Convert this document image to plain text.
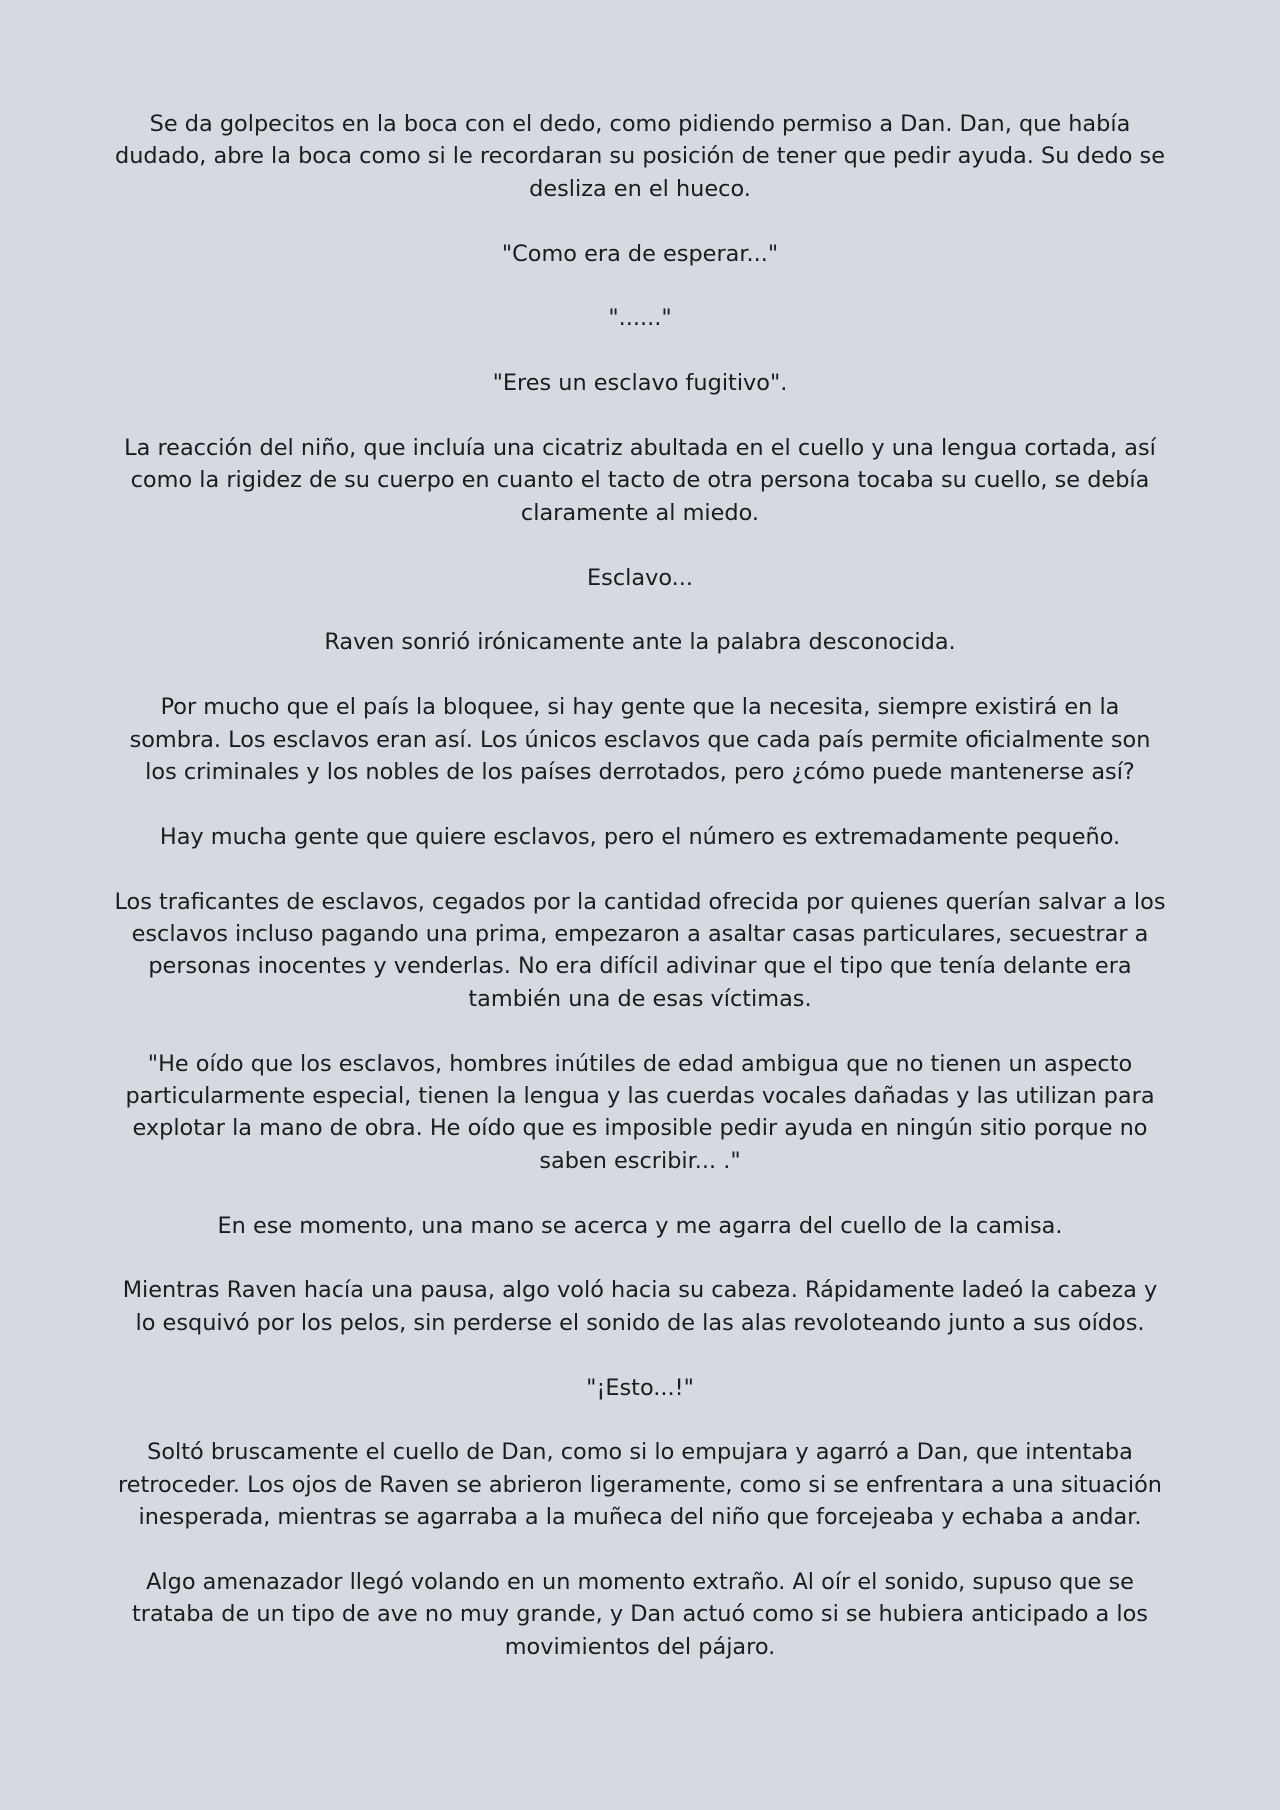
Se da golpecitos en la boca con el dedo, como pidiendo permiso a Dan. Dan, que había dudado, abre la boca como si le recordaran su posición de tener que pedir ayuda. Su dedo se desliza en el hueco.

"Como era de esperar..."

"......"

"Eres un esclavo fugitivo".

La reacción del niño, que incluía una cicatriz abultada en el cuello y una lengua cortada, así como la rigidez de su cuerpo en cuanto el tacto de otra persona tocaba su cuello, se debía claramente al miedo.

Esclavo...

Raven sonrió irónicamente ante la palabra desconocida.

Por mucho que el país la bloquee, si hay gente que la necesita, siempre existirá en la sombra. Los esclavos eran así. Los únicos esclavos que cada país permite oficialmente son los criminales y los nobles de los países derrotados, pero ¿cómo puede mantenerse así?

Hay mucha gente que quiere esclavos, pero el número es extremadamente pequeño.

Los traficantes de esclavos, cegados por la cantidad ofrecida por quienes querían salvar a los esclavos incluso pagando una prima, empezaron a asaltar casas particulares, secuestrar a personas inocentes y venderlas. No era difícil adivinar que el tipo que tenía delante era también una de esas víctimas.

"He oído que los esclavos, hombres inútiles de edad ambigua que no tienen un aspecto particularmente especial, tienen la lengua y las cuerdas vocales dañadas y las utilizan para explotar la mano de obra. He oído que es imposible pedir ayuda en ningún sitio porque no saben escribir... ."

En ese momento, una mano se acerca y me agarra del cuello de la camisa.

Mientras Raven hacía una pausa, algo voló hacia su cabeza. Rápidamente ladeó la cabeza y lo esquivó por los pelos, sin perderse el sonido de las alas revoloteando junto a sus oídos.

"¡Esto...!"

Soltó bruscamente el cuello de Dan, como si lo empujara y agarró a Dan, que intentaba retroceder. Los ojos de Raven se abrieron ligeramente, como si se enfrentara a una situación inesperada, mientras se agarraba a la muñeca del niño que forcejeaba y echaba a andar.

Algo amenazador llegó volando en un momento extraño. Al oír el sonido, supuso que se trataba de un tipo de ave no muy grande, y Dan actuó como si se hubiera anticipado a los movimientos del pájaro.
